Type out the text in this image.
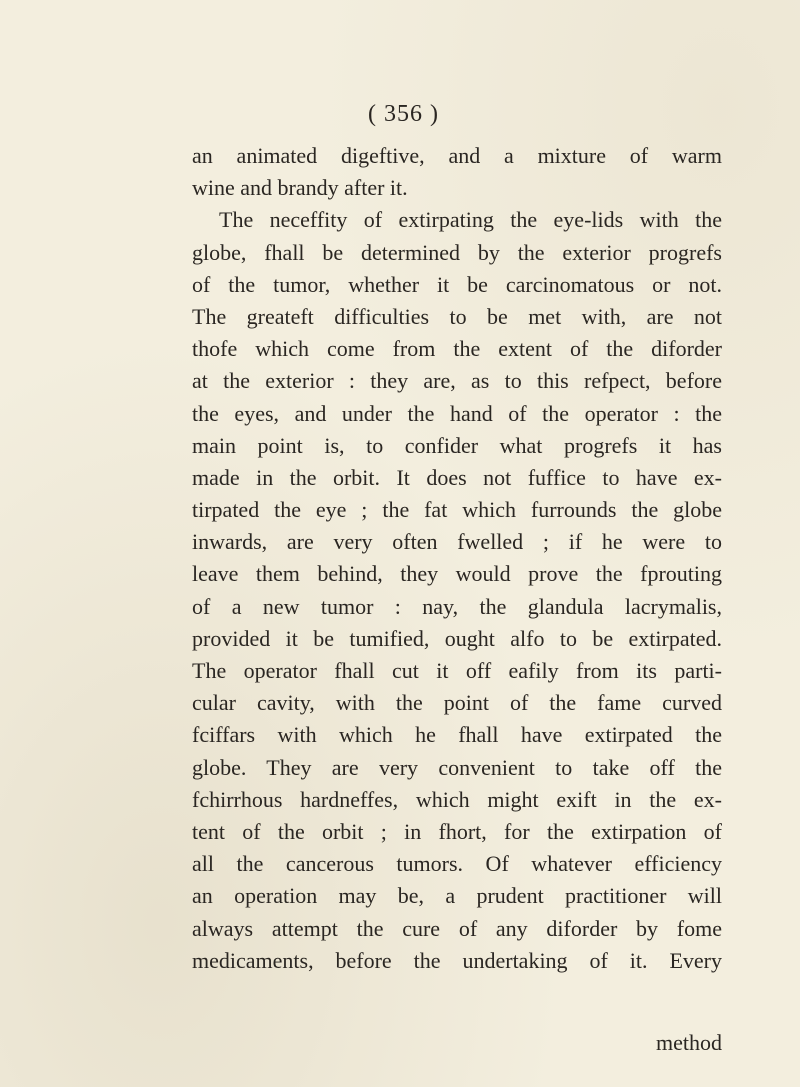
( 356 )
an animated digeftive, and a mixture of warm
wine and brandy after it.
The neceffity of extirpating the eye-lids with the
globe, fhall be determined by the exterior progrefs
of the tumor, whether it be carcinomatous or not.
The greateft difficulties to be met with, are not
thofe which come from the extent of the diforder
at the exterior : they are, as to this refpect, before
the eyes, and under the hand of the operator : the
main point is, to confider what progrefs it has
made in the orbit. It does not fuffice to have ex-
tirpated the eye ; the fat which furrounds the globe
inwards, are very often fwelled ; if he were to
leave them behind, they would prove the fprouting
of a new tumor : nay, the glandula lacrymalis,
provided it be tumified, ought alfo to be extirpated.
The operator fhall cut it off eafily from its parti-
cular cavity, with the point of the fame curved
fciffars with which he fhall have extirpated the
globe. They are very convenient to take off the
fchirrhous hardneffes, which might exift in the ex-
tent of the orbit ; in fhort, for the extirpation of
all the cancerous tumors. Of whatever efficiency
an operation may be, a prudent practitioner will
always attempt the cure of any diforder by fome
medicaments, before the undertaking of it. Every
method
